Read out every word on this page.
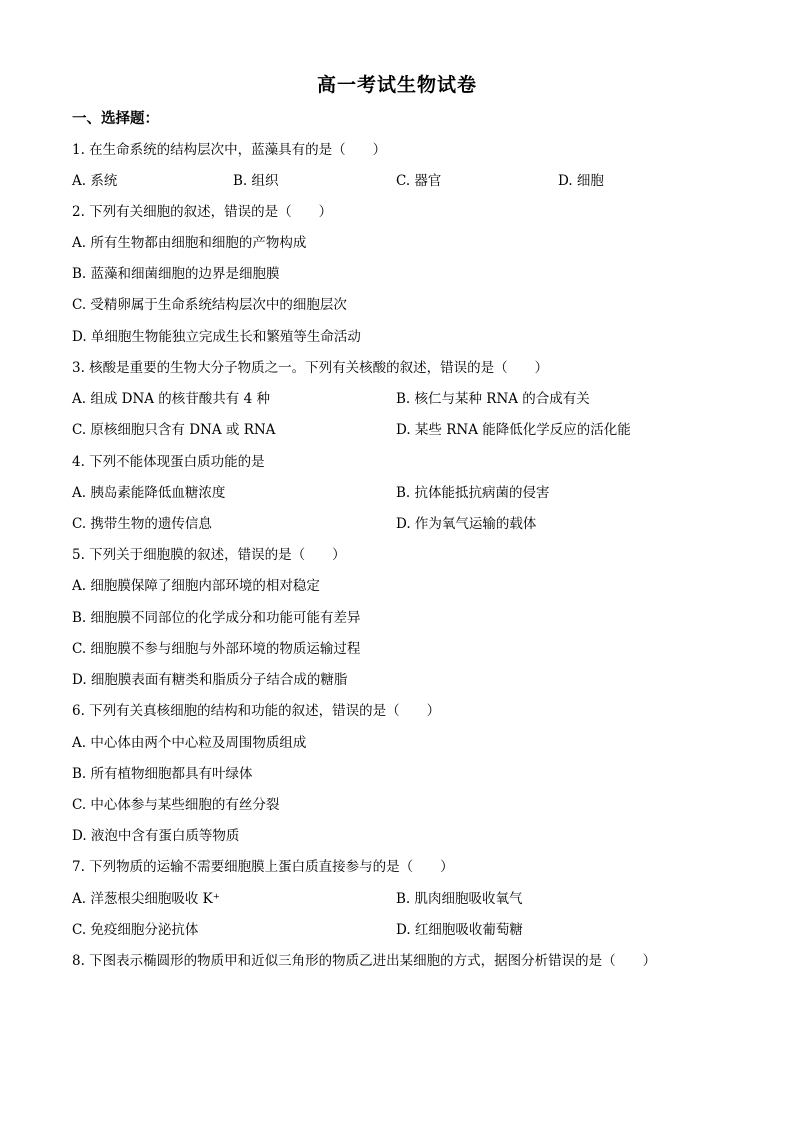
高一考试生物试卷
一、选择题：
1. 在生命系统的结构层次中，蓝藻具有的是（　　）
A. 系统	B. 组织	C. 器官	D. 细胞
2. 下列有关细胞的叙述，错误的是（　　）
A. 所有生物都由细胞和细胞的产物构成
B. 蓝藻和细菌细胞的边界是细胞膜
C. 受精卵属于生命系统结构层次中的细胞层次
D. 单细胞生物能独立完成生长和繁殖等生命活动
3. 核酸是重要的生物大分子物质之一。下列有关核酸的叙述，错误的是（　　）
A. 组成 DNA 的核苷酸共有 4 种	B. 核仁与某种 RNA 的合成有关
C. 原核细胞只含有 DNA 或 RNA	D. 某些 RNA 能降低化学反应的活化能
4. 下列不能体现蛋白质功能的是
A. 胰岛素能降低血糖浓度	B. 抗体能抵抗病菌的侵害
C. 携带生物的遗传信息	D. 作为氧气运输的载体
5. 下列关于细胞膜的叙述，错误的是（　　）
A. 细胞膜保障了细胞内部环境的相对稳定
B. 细胞膜不同部位的化学成分和功能可能有差异
C. 细胞膜不参与细胞与外部环境的物质运输过程
D. 细胞膜表面有糖类和脂质分子结合成的糖脂
6. 下列有关真核细胞的结构和功能的叙述，错误的是（　　）
A. 中心体由两个中心粒及周围物质组成
B. 所有植物细胞都具有叶绿体
C. 中心体参与某些细胞的有丝分裂
D. 液泡中含有蛋白质等物质
7. 下列物质的运输不需要细胞膜上蛋白质直接参与的是（　　）
A. 洋葱根尖细胞吸收 K⁺	B. 肌肉细胞吸收氧气
C. 免疫细胞分泌抗体	D. 红细胞吸收葡萄糖
8. 下图表示椭圆形的物质甲和近似三角形的物质乙进出某细胞的方式，据图分析错误的是（　　）
